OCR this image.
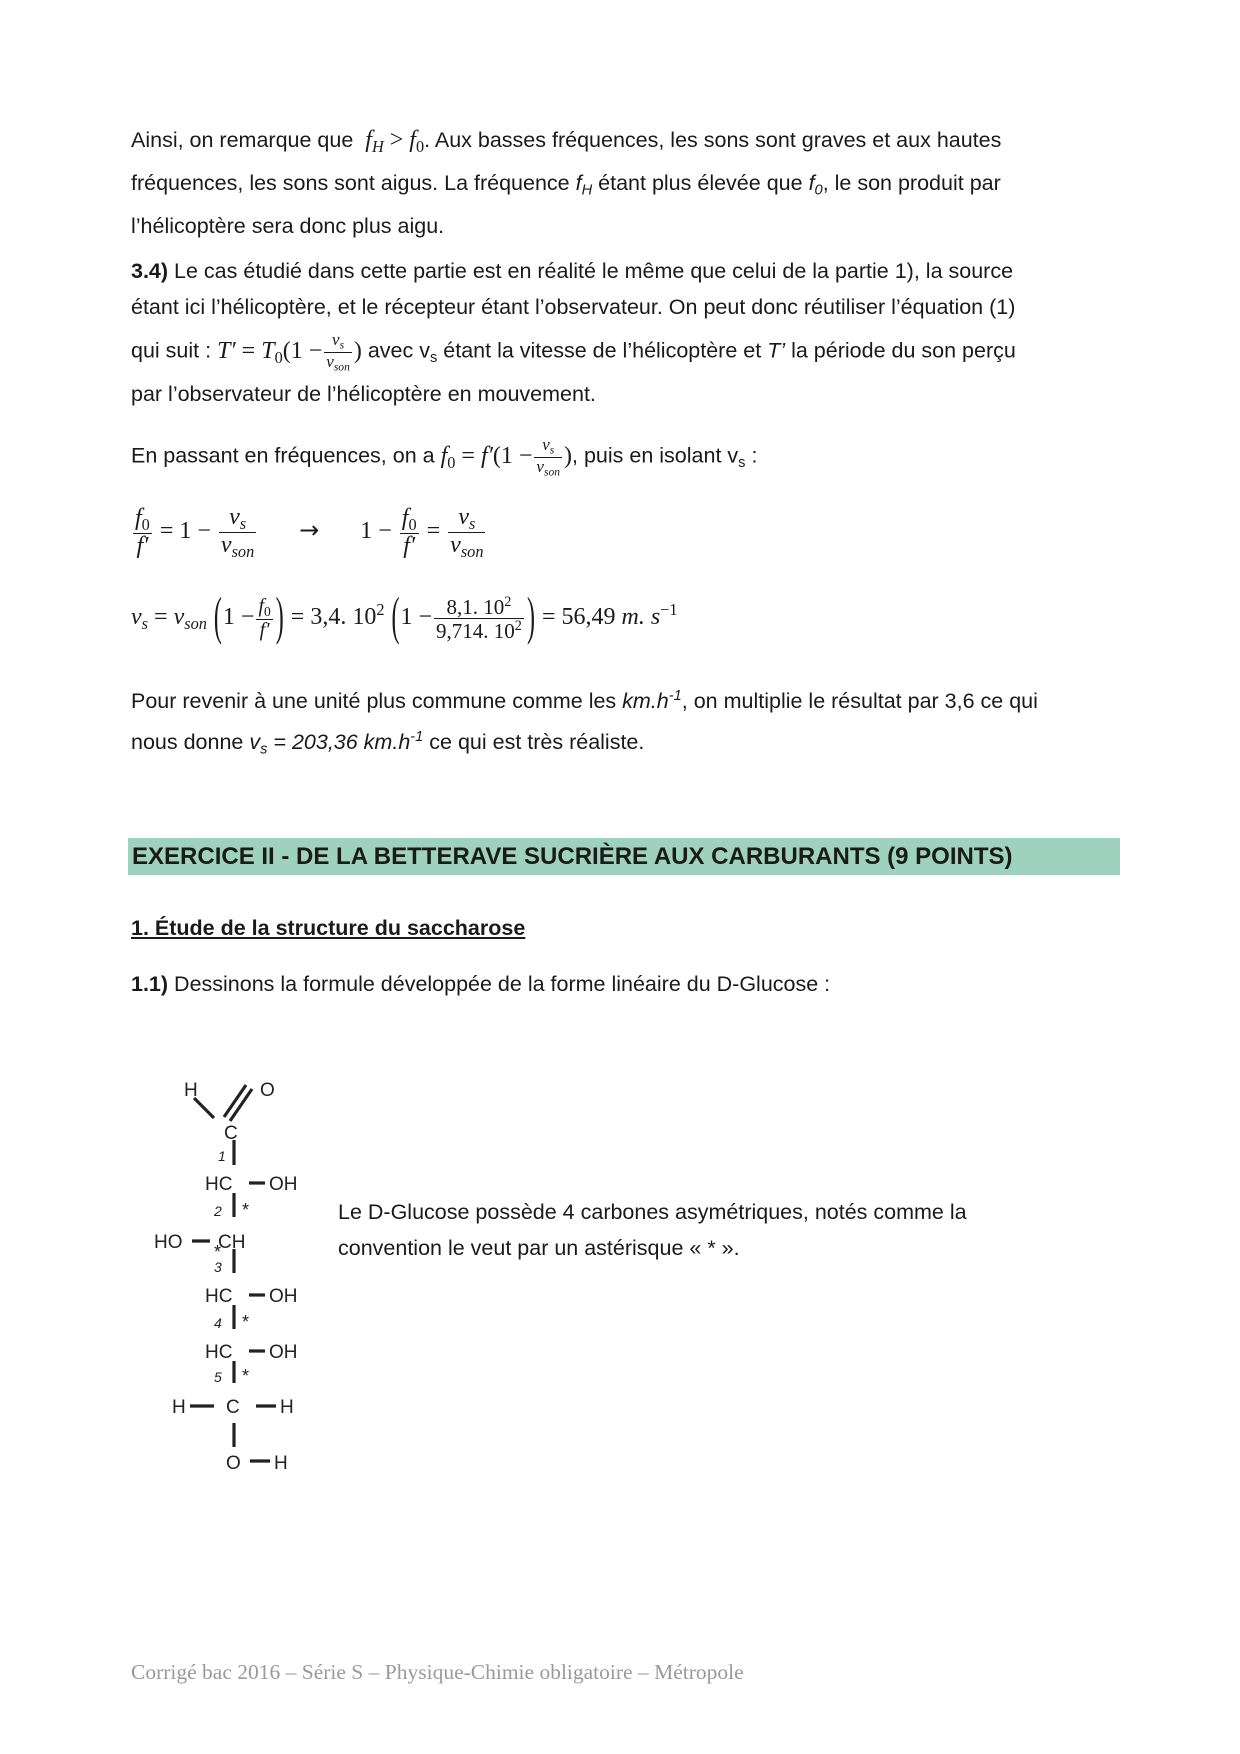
Ainsi, on remarque que  $f_H > f_0$. Aux basses fréquences, les sons sont graves et aux hautes
fréquences, les sons sont aigus. La fréquence $f_H$ étant plus élevée que $f_0$, le son produit par
l’hélicoptère sera donc plus aigu.
3.4) Le cas étudié dans cette partie est en réalité le même que celui de la partie 1), la source
étant ici l’hélicoptère, et le récepteur étant l’observateur. On peut donc réutiliser l’équation (1)
qui suit : $T' = T_0(1 - \frac{v_s}{v_{son}}$ ) avec $v_s$ étant la vitesse de l’hélicoptère et T’ la période du son perçu
par l’observateur de l’hélicoptère en mouvement.
En passant en fréquences, on a $f_0 = f'(1 - \frac{v_s}{v_{son}}$ ), puis en isolant $v_s$ :
$\frac{f_0}{f'} = 1 - \frac{v_s}{v_{son}} \to 1 - \frac{f_0}{f'} = \frac{v_s}{v_{son}}$
$v_s = v_{son}$ ($1 - \frac{f_0}{f'}$ ) = 3,4. $10^2$ ($1 - \frac{8,1. 10^2}{9,714. 10^2}$ ) = 56,49 m. $s^{-1}$
Pour revenir à une unité plus commune comme les $km.h^{-1}$, on multiplie le résultat par 3,6 ce qui
nous donne $v_s = 203,36$ $km.h^{-1}$ ce qui est très réaliste.
EXERCICE II - DE LA BETTERAVE SUCRIÈRE AUX CARBURANTS (9 POINTS)
1. Étude de la structure du saccharose
1.1) Dessinons la formule développée de la forme linéaire du D-Glucose :
H	O
C
HC OH
HO CH
HC OH
HC OH
H C H
O H
1
2
3
4
5
*
*
*
*
Le D-Glucose possède 4 carbones asymétriques, notés comme la
convention le veut par un astérisque « * ».
Corrigé bac 2016 – Série S – Physique-Chimie obligatoire – Métropole
